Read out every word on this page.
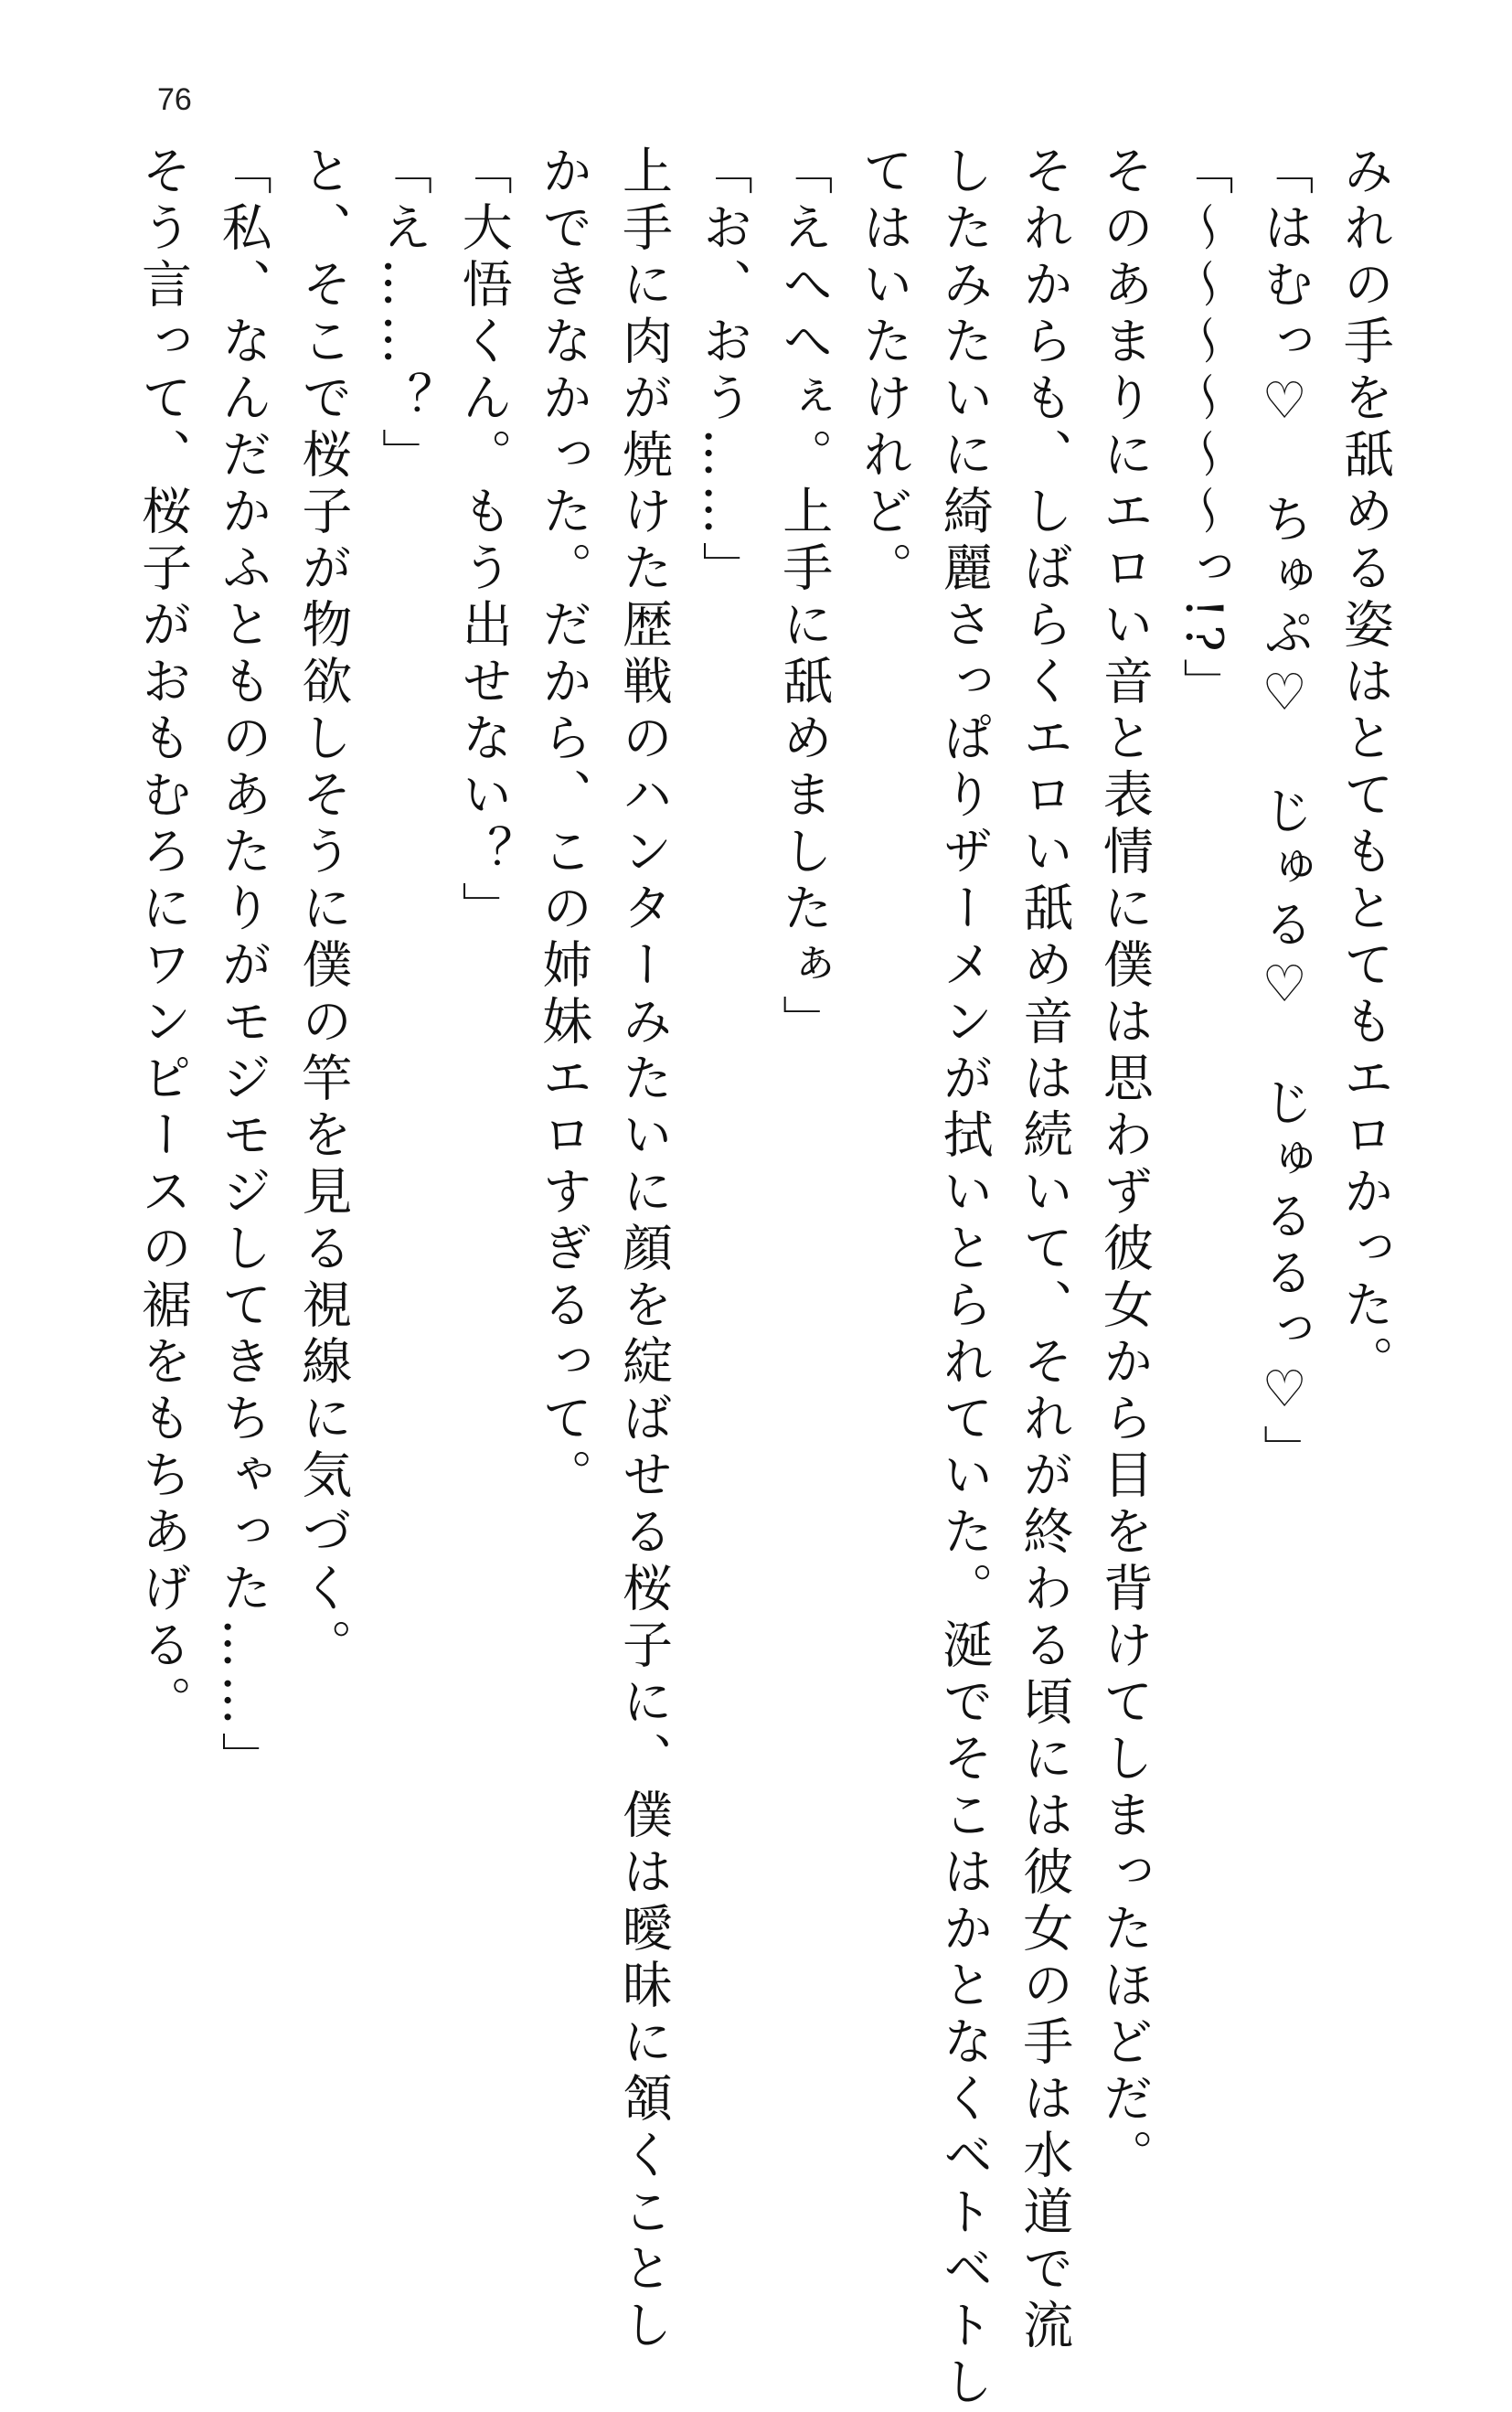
76
みれの手を舐める姿はとてもとてもエロかった。
「はむっ♡　ちゅぷ♡　じゅる♡　じゅるるっ♡」
「〜〜〜〜〜〜っ!?」
そのあまりにエロい音と表情に僕は思わず彼女から目を背けてしまったほどだ。
それからも、しばらくエロい舐め音は続いて、それが終わる頃には彼女の手は水道で流
したみたいに綺麗さっぱりザーメンが拭いとられていた。涎でそこはかとなくベトベトし
てはいたけれど。
「えへへぇ。上手に舐めましたぁ」
「お、おう……」
上手に肉が焼けた歴戦のハンターみたいに顔を綻ばせる桜子に、僕は曖昧に頷くことし
かできなかった。だから、この姉妹エロすぎるって。
「大悟くん。もう出せない？」
「え……？」
と、そこで桜子が物欲しそうに僕の竿を見る視線に気づく。
「私、なんだかふとものあたりがモジモジしてきちゃった……」
そう言って、桜子がおもむろにワンピースの裾をもちあげる。
